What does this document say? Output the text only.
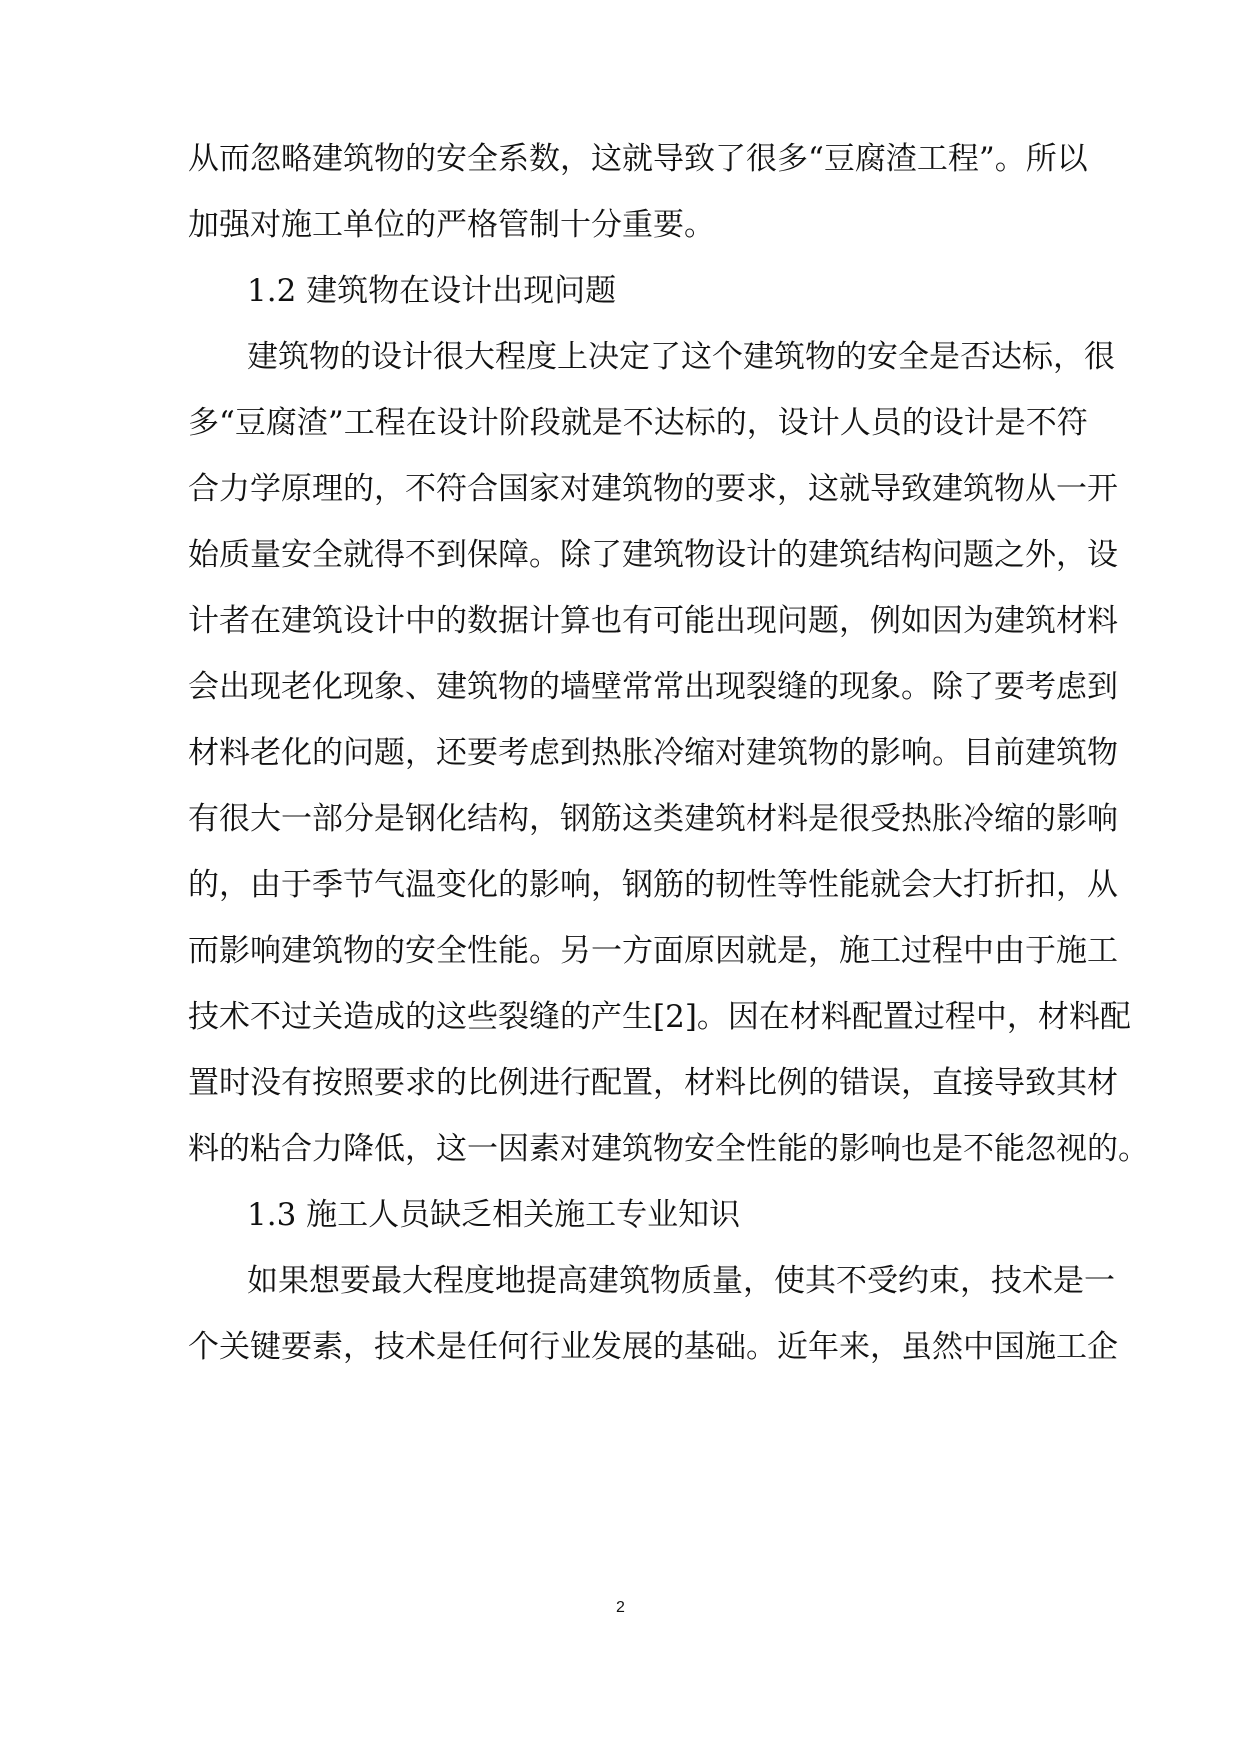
从而忽略建筑物的安全系数，这就导致了很多“豆腐渣工程”。所以
加强对施工单位的严格管制十分重要。
1.2 建筑物在设计出现问题
建筑物的设计很大程度上决定了这个建筑物的安全是否达标，很
多“豆腐渣”工程在设计阶段就是不达标的，设计人员的设计是不符
合力学原理的，不符合国家对建筑物的要求，这就导致建筑物从一开
始质量安全就得不到保障。除了建筑物设计的建筑结构问题之外，设
计者在建筑设计中的数据计算也有可能出现问题，例如因为建筑材料
会出现老化现象、建筑物的墙壁常常出现裂缝的现象。除了要考虑到
材料老化的问题，还要考虑到热胀冷缩对建筑物的影响。目前建筑物
有很大一部分是钢化结构，钢筋这类建筑材料是很受热胀冷缩的影响
的，由于季节气温变化的影响，钢筋的韧性等性能就会大打折扣，从
而影响建筑物的安全性能。另一方面原因就是，施工过程中由于施工
技术不过关造成的这些裂缝的产生[2]。因在材料配置过程中，材料配
置时没有按照要求的比例进行配置，材料比例的错误，直接导致其材
料的粘合力降低，这一因素对建筑物安全性能的影响也是不能忽视的。
1.3 施工人员缺乏相关施工专业知识
如果想要最大程度地提高建筑物质量，使其不受约束，技术是一
个关键要素，技术是任何行业发展的基础。近年来，虽然中国施工企
2
